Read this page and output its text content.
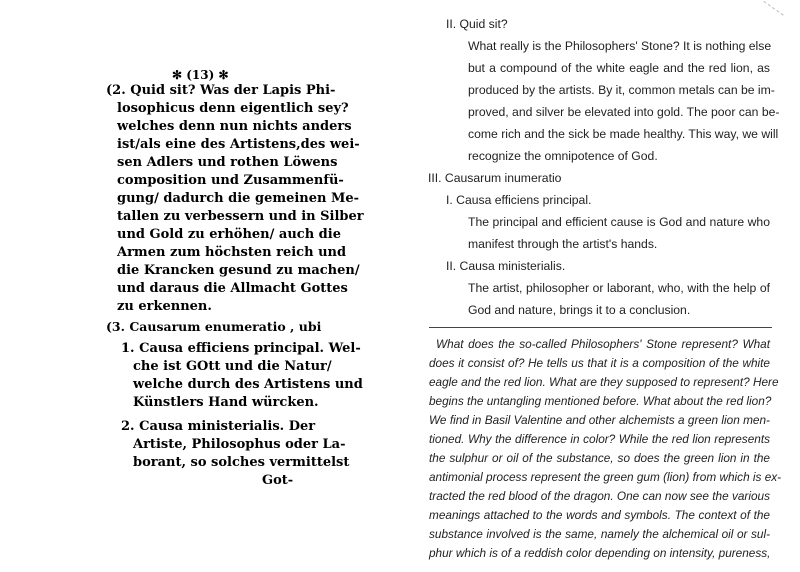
✻ (13) ✻
(2. Quid sit? Was der Lapis Phi-
losophicus denn eigentlich sey?
welches denn nun nichts anders
ist/als eine des Artistens,des wei-
sen Adlers und rothen Löwens
composition und Zusammenfü-
gung/ dadurch die gemeinen Me-
tallen zu verbessern und in Silber
und Gold zu erhöhen/ auch die
Armen zum höchsten reich und
die Krancken gesund zu machen/
und daraus die Allmacht Gottes
zu erkennen.
(3. Causarum enumeratio , ubi
1. Causa efficiens principal. Wel-
che ist GOtt und die Natur/
welche durch des Artistens und
Künstlers Hand würcken.
2. Causa ministerialis. Der
Artiste, Philosophus oder La-
borant, so solches vermittelst
Got-
II. Quid sit?
What really is the Philosophers' Stone? It is nothing else
but a compound of the white eagle and the red lion, as
produced by the artists. By it, common metals can be im-
proved, and silver be elevated into gold. The poor can be-
come rich and the sick be made healthy. This way, we will
recognize the omnipotence of God.
III. Causarum inumeratio
I. Causa efficiens principal.
The principal and efficient cause is God and nature who
manifest through the artist's hands.
II. Causa ministerialis.
The artist, philosopher or laborant, who, with the help of
God and nature, brings it to a conclusion.
What does the so-called Philosophers' Stone represent? What
does it consist of? He tells us that it is a composition of the white
eagle and the red lion. What are they supposed to represent? Here
begins the untangling mentioned before. What about the red lion?
We find in Basil Valentine and other alchemists a green lion men-
tioned. Why the difference in color? While the red lion represents
the sulphur or oil of the substance, so does the green lion in the
antimonial process represent the green gum (lion) from which is ex-
tracted the red blood of the dragon. One can now see the various
meanings attached to the words and symbols. The context of the
substance involved is the same, namely the alchemical oil or sul-
phur which is of a reddish color depending on intensity, pureness,
